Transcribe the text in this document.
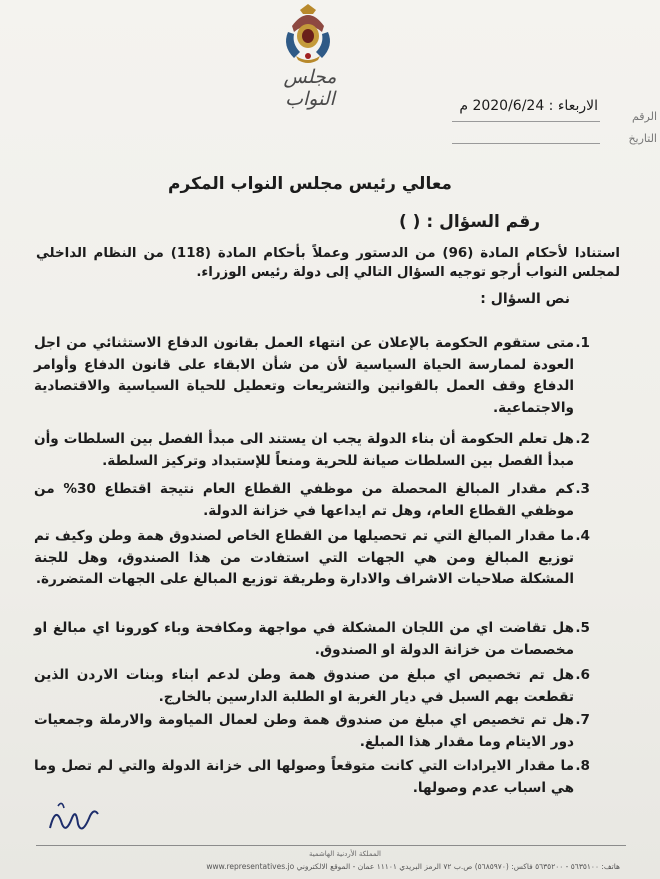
مجلس النواب
الرقم
التاريخ
الاربعاء : 2020/6/24 م
معالي رئيس مجلس النواب المكرم
رقم السؤال : ( )
استنادا لأحكام المادة (96) من الدستور وعملاً بأحكام المادة (118) من النظام الداخلي لمجلس النواب أرجو توجيه السؤال التالي إلى دولة رئيس الوزراء.
نص السؤال :
1.
متى ستقوم الحكومة بالإعلان عن انتهاء العمل بقانون الدفاع الاستثنائي من اجل العودة لممارسة الحياة السياسية لأن من شأن الابقاء على قانون الدفاع وأوامر الدفاع وقف العمل بالقوانين والتشريعات وتعطيل للحياة السياسية والاقتصادية والاجتماعية.
2.
هل تعلم الحكومة أن بناء الدولة يجب ان يستند الى مبدأ الفصل بين السلطات وأن مبدأ الفصل بين السلطات صيانة للحرية ومنعاً للإستبداد وتركيز السلطة.
3.
كم مقدار المبالغ المحصلة من موظفي القطاع العام نتيجة اقتطاع 30% من موظفي القطاع العام، وهل تم ايداعها في خزانة الدولة.
4.
ما مقدار المبالغ التي تم تحصيلها من القطاع الخاص لصندوق همة وطن وكيف تم توزيع المبالغ ومن هي الجهات التي استفادت من هذا الصندوق، وهل للجنة المشكلة صلاحيات الاشراف والادارة وطريقة توزيع المبالغ على الجهات المتضررة.
5.
هل تقاضت اي من اللجان المشكلة في مواجهة ومكافحة وباء كورونا اي مبالغ او مخصصات من خزانة الدولة او الصندوق.
6.
هل تم تخصيص اي مبلغ من صندوق همة وطن لدعم ابناء وبنات الاردن الذين تقطعت بهم السبل في ديار الغربة او الطلبة الدارسين بالخارج.
7.
هل تم تخصيص اي مبلغ من صندوق همة وطن لعمال المياومة والارملة وجمعيات دور الايتام وما مقدار هذا المبلغ.
8.
ما مقدار الايرادات التي كانت متوقعاً وصولها الى خزانة الدولة والتي لم تصل وما هي اسباب عدم وصولها.
المملكة الأردنية الهاشمية
هاتف: ٥٦٣٥١٠٠ - ٥٦٣٥٢٠٠ فاكس: (٥٦٨٥٩٧٠) ص.ب ٧٢ الرمز البريدي ١١١٠١ عمان - الموقع الالكتروني www.representatives.jo
